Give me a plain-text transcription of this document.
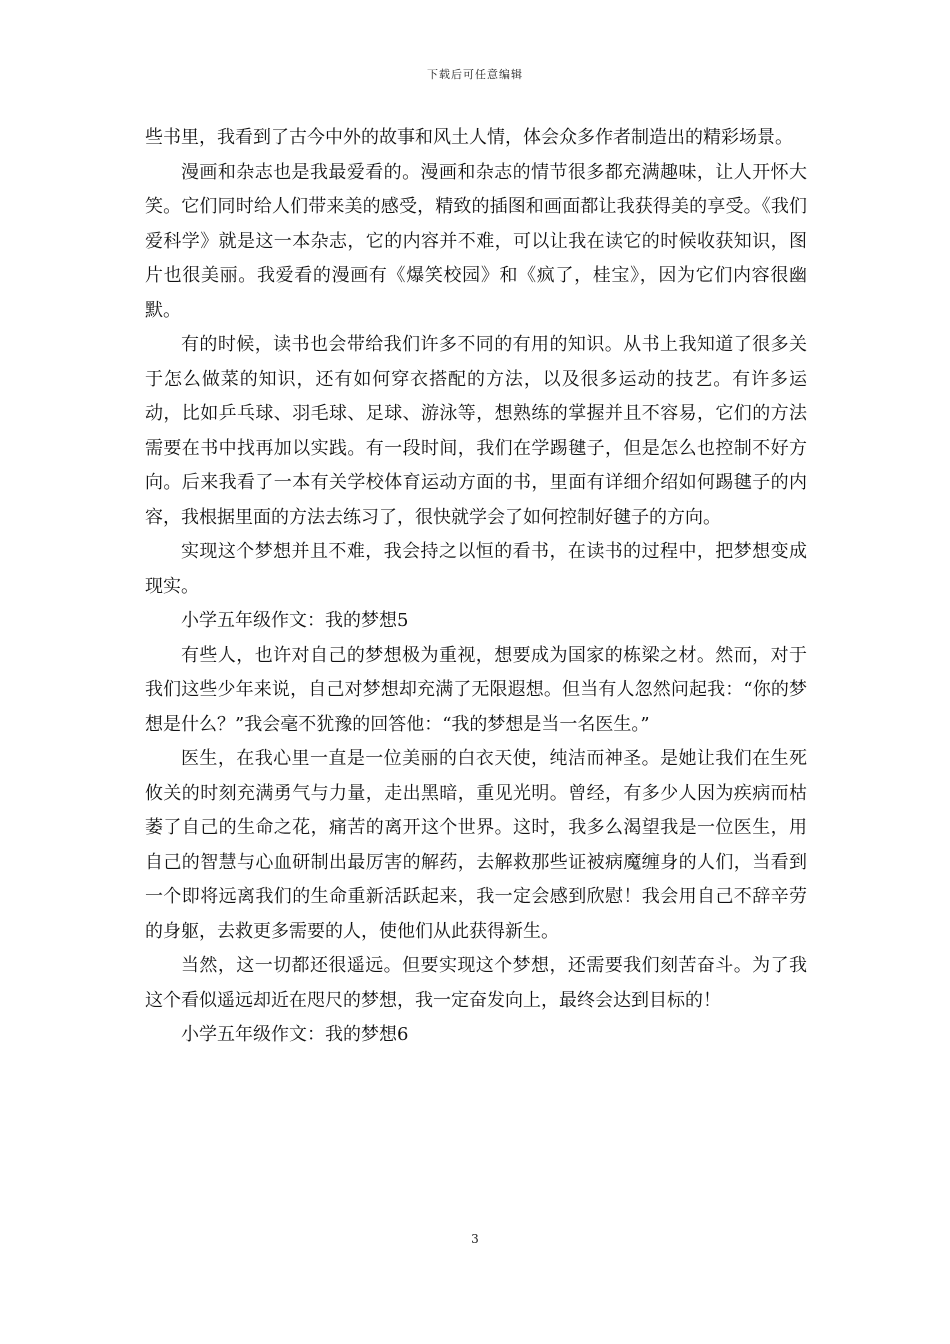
下载后可任意编辑

些书里，我看到了古今中外的故事和风土人情，体会众多作者制造出的精彩场景。

漫画和杂志也是我最爱看的。漫画和杂志的情节很多都充满趣味，让人开怀大笑。它们同时给人们带来美的感受，精致的插图和画面都让我获得美的享受。《我们爱科学》就是这一本杂志，它的内容并不难，可以让我在读它的时候收获知识，图片也很美丽。我爱看的漫画有《爆笑校园》和《疯了，桂宝》，因为它们内容很幽默。

有的时候，读书也会带给我们许多不同的有用的知识。从书上我知道了很多关于怎么做菜的知识，还有如何穿衣搭配的方法，以及很多运动的技艺。有许多运动，比如乒乓球、羽毛球、足球、游泳等，想熟练的掌握并且不容易，它们的方法需要在书中找再加以实践。有一段时间，我们在学踢毽子，但是怎么也控制不好方向。后来我看了一本有关学校体育运动方面的书，里面有详细介绍如何踢毽子的内容，我根据里面的方法去练习了，很快就学会了如何控制好毽子的方向。

实现这个梦想并且不难，我会持之以恒的看书，在读书的过程中，把梦想变成现实。

小学五年级作文：我的梦想5

有些人，也许对自己的梦想极为重视，想要成为国家的栋梁之材。然而，对于我们这些少年来说，自己对梦想却充满了无限遐想。但当有人忽然问起我：“你的梦想是什么？”我会毫不犹豫的回答他：“我的梦想是当一名医生。”

医生，在我心里一直是一位美丽的白衣天使，纯洁而神圣。是她让我们在生死攸关的时刻充满勇气与力量，走出黑暗，重见光明。曾经，有多少人因为疾病而枯萎了自己的生命之花，痛苦的离开这个世界。这时，我多么渴望我是一位医生，用自己的智慧与心血研制出最厉害的解药，去解救那些证被病魔缠身的人们，当看到一个即将远离我们的生命重新活跃起来，我一定会感到欣慰！我会用自己不辞辛劳的身躯，去救更多需要的人，使他们从此获得新生。

当然，这一切都还很遥远。但要实现这个梦想，还需要我们刻苦奋斗。为了我这个看似遥远却近在咫尺的梦想，我一定奋发向上，最终会达到目标的！

小学五年级作文：我的梦想6

3
